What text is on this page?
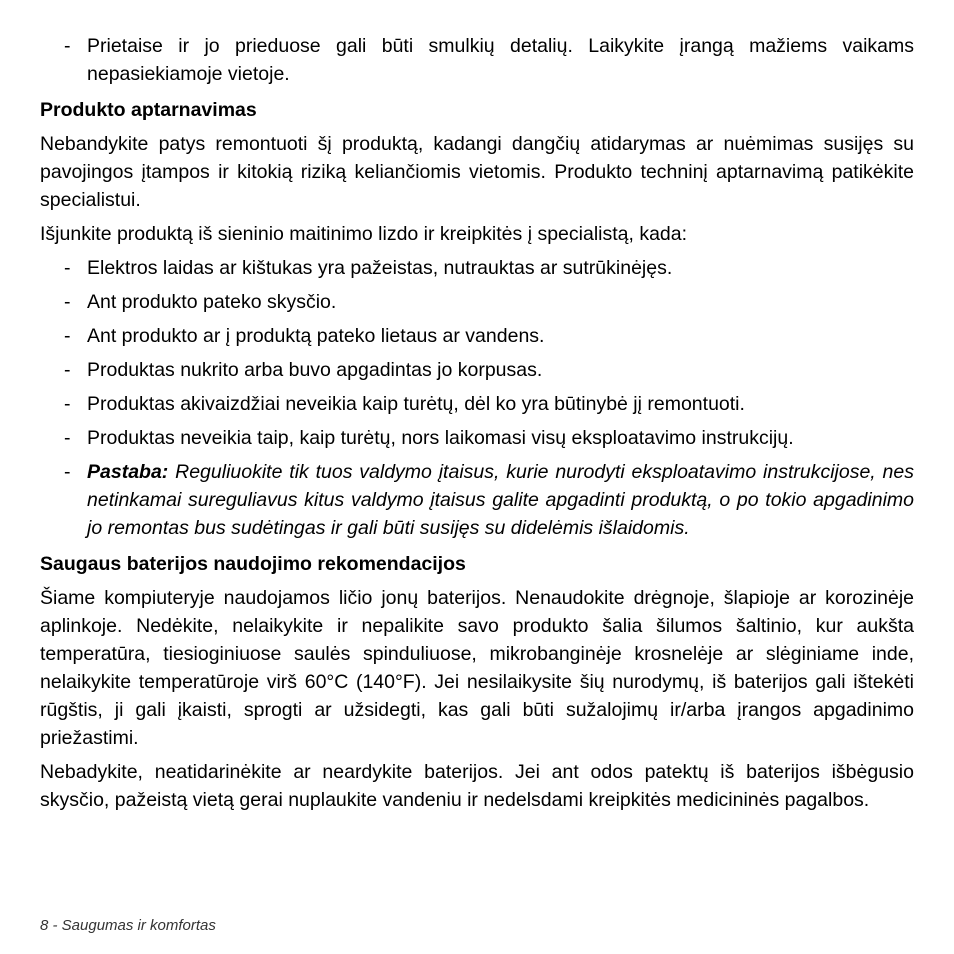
- Prietaise ir jo prieduose gali būti smulkių detalių. Laikykite įrangą mažiems vaikams nepasiekiamoje vietoje.
Produkto aptarnavimas

Nebandykite patys remontuoti šį produktą, kadangi dangčių atidarymas ar nuėmimas susijęs su pavojingos įtampos ir kitokią riziką keliančiomis vietomis. Produkto techninį aptarnavimą patikėkite specialistui.

Išjunkite produktą iš sieninio maitinimo lizdo ir kreipkitės į specialistą, kada:

- Elektros laidas ar kištukas yra pažeistas, nutrauktas ar sutrūkinėjęs.
- Ant produkto pateko skysčio.
- Ant produkto ar į produktą pateko lietaus ar vandens.
- Produktas nukrito arba buvo apgadintas jo korpusas.
- Produktas akivaizdžiai neveikia kaip turėtų, dėl ko yra būtinybė jį remontuoti.
- Produktas neveikia taip, kaip turėtų, nors laikomasi visų eksploatavimo instrukcijų.
- Pastaba: Reguliuokite tik tuos valdymo įtaisus, kurie nurodyti eksploatavimo instrukcijose, nes netinkamai sureguliavus kitus valdymo įtaisus galite apgadinti produktą, o po tokio apgadinimo jo remontas bus sudėtingas ir gali būti susijęs su didelėmis išlaidomis.
Saugaus baterijos naudojimo rekomendacijos

Šiame kompiuteryje naudojamos ličio jonų baterijos. Nenaudokite drėgnoje, šlapioje ar korozinėje aplinkoje. Nedėkite, nelaikykite ir nepalikite savo produkto šalia šilumos šaltinio, kur aukšta temperatūra, tiesioginiuose saulės spinduliuose, mikrobanginėje krosnelėje ar slėginiame inde, nelaikykite temperatūroje virš 60°C (140°F). Jei nesilaikysite šių nurodymų, iš baterijos gali ištekėti rūgštis, ji gali įkaisti, sprogti ar užsidegti, kas gali būti sužalojimų ir/arba įrangos apgadinimo priežastimi.

Nebadykite, neatidarinėkite ar neardykite baterijos. Jei ant odos patektų iš baterijos išbėgusio skysčio, pažeistą vietą gerai nuplaukite vandeniu ir nedelsdami kreipkitės medicininės pagalbos.

8 - Saugumas ir komfortas
